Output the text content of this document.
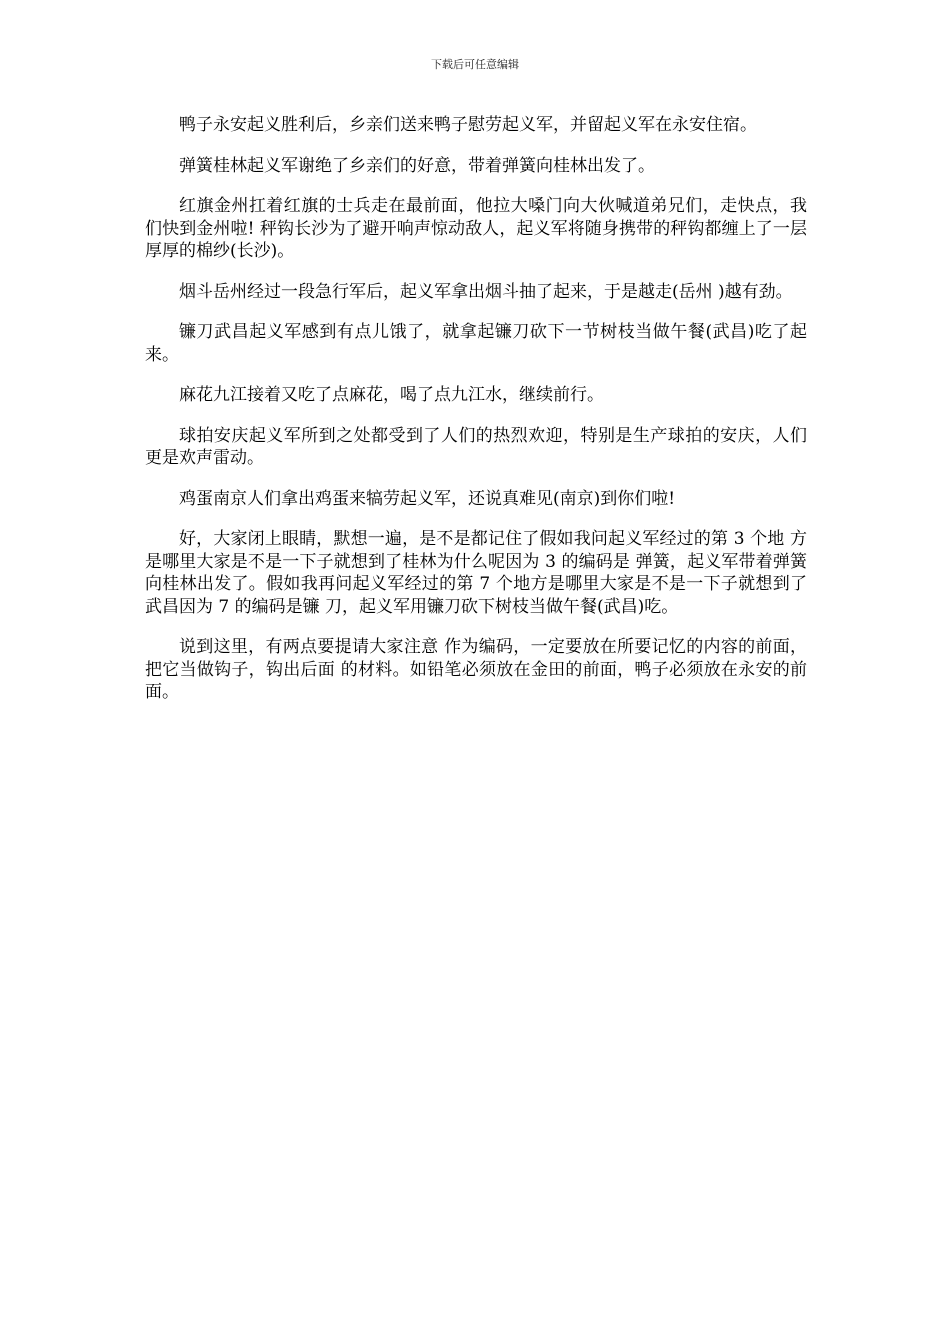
下载后可任意编辑

鸭子永安起义胜利后，乡亲们送来鸭子慰劳起义军，并留起义军在永安住宿。

弹簧桂林起义军谢绝了乡亲们的好意，带着弹簧向桂林出发了。

红旗金州扛着红旗的士兵走在最前面，他拉大嗓门向大伙喊道弟兄们，走快点，我们快到金州啦! 秤钩长沙为了避开响声惊动敌人，起义军将随身携带的秤钩都缠上了一层 厚厚的棉纱(长沙)。

烟斗岳州经过一段急行军后，起义军拿出烟斗抽了起来，于是越走(岳州 )越有劲。

镰刀武昌起义军感到有点儿饿了，就拿起镰刀砍下一节树枝当做午餐(武昌)吃了起来。

麻花九江接着又吃了点麻花，喝了点九江水，继续前行。

球拍安庆起义军所到之处都受到了人们的热烈欢迎，特别是生产球拍的安庆，人们更是欢声雷动。

鸡蛋南京人们拿出鸡蛋来犒劳起义军，还说真难见(南京)到你们啦!

好，大家闭上眼睛，默想一遍，是不是都记住了假如我问起义军经过的第 3 个地 方是哪里大家是不是一下子就想到了桂林为什么呢因为 3 的编码是 弹簧，起义军带着弹簧向桂林出发了。假如我再问起义军经过的第 7 个地方是哪里大家是不是一下子就想到了武昌因为 7 的编码是镰 刀，起义军用镰刀砍下树枝当做午餐(武昌)吃。

说到这里，有两点要提请大家注意 作为编码，一定要放在所要记忆的内容的前面，把它当做钩子，钩出后面 的材料。如铅笔必须放在金田的前面，鸭子必须放在永安的前 面。
